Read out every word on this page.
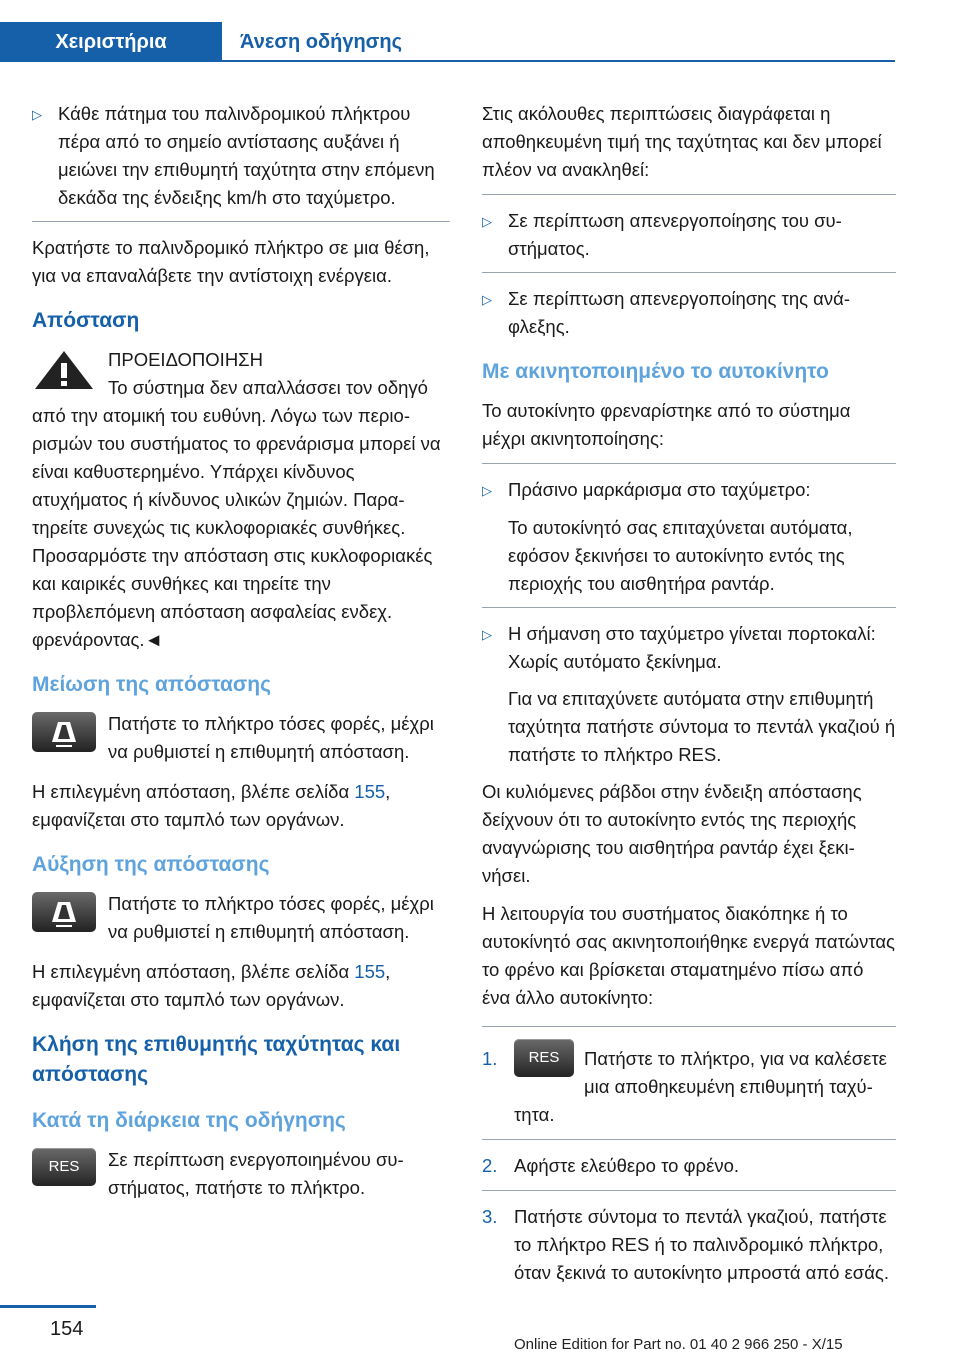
Χειριστήρια	Άνεση οδήγησης
▷ Κάθε πάτημα του παλινδρομικού πλήκτρου πέρα από το σημείο αντίστασης αυξάνει ή μειώνει την επιθυμητή ταχύτητα στην επόμενη δεκάδα της ένδειξης km/h στο ταχύμετρο.

Κρατήστε το παλινδρομικό πλήκτρο σε μια θέση, για να επαναλάβετε την αντίστοιχη ενέργεια.

Απόσταση
ΠΡΟΕΙΔΟΠΟΙΗΣΗ
Το σύστημα δεν απαλλάσσει τον οδηγό από την ατομική του ευθύνη. Λόγω των περιορισμών του συστήματος το φρενάρισμα μπορεί να είναι καθυστερημένο. Υπάρχει κίνδυνος ατυχήματος ή κίνδυνος υλικών ζημιών. Παρατηρείτε συνεχώς τις κυκλοφοριακές συνθήκες. Προσαρμόστε την απόσταση στις κυκλοφοριακές και καιρικές συνθήκες και τηρείτε την προβλεπόμενη απόσταση ασφαλείας ενδεχ. φρενάροντας.◄
Μείωση της απόστασης
Πατήστε το πλήκτρο τόσες φορές, μέχρι να ρυθμιστεί η επιθυμητή απόσταση.

Η επιλεγμένη απόσταση, βλέπε σελίδα 155, εμφανίζεται στο ταμπλό των οργάνων.

Αύξηση της απόστασης
Πατήστε το πλήκτρο τόσες φορές, μέχρι να ρυθμιστεί η επιθυμητή απόσταση.

Η επιλεγμένη απόσταση, βλέπε σελίδα 155, εμφανίζεται στο ταμπλό των οργάνων.

Κλήση της επιθυμητής ταχύτητας και απόστασης
Κατά τη διάρκεια της οδήγησης
RES	Σε περίπτωση ενεργοποιημένου συστήματος, πατήστε το πλήκτρο.

Στις ακόλουθες περιπτώσεις διαγράφεται η αποθηκευμένη τιμή της ταχύτητας και δεν μπορεί πλέον να ανακληθεί:

▷ Σε περίπτωση απενεργοποίησης του συστήματος.
▷ Σε περίπτωση απενεργοποίησης της ανάφλεξης.
Με ακινητοποιημένο το αυτοκίνητο

Το αυτοκίνητο φρεναρίστηκε από το σύστημα μέχρι ακινητοποίησης:

▷ Πράσινο μαρκάρισμα στο ταχύμετρο:
Το αυτοκίνητό σας επιταχύνεται αυτόματα, εφόσον ξεκινήσει το αυτοκίνητο εντός της περιοχής του αισθητήρα ραντάρ.
▷ Η σήμανση στο ταχύμετρο γίνεται πορτοκαλί: Χωρίς αυτόματο ξεκίνημα.
Για να επιταχύνετε αυτόματα στην επιθυμητή ταχύτητα πατήστε σύντομα το πεντάλ γκαζιού ή πατήστε το πλήκτρο RES.

Οι κυλιόμενες ράβδοι στην ένδειξη απόστασης δείχνουν ότι το αυτοκίνητο εντός της περιοχής αναγνώρισης του αισθητήρα ραντάρ έχει ξεκινήσει.

Η λειτουργία του συστήματος διακόπηκε ή το αυτοκίνητό σας ακινητοποιήθηκε ενεργά πατώντας το φρένο και βρίσκεται σταματημένο πίσω από ένα άλλο αυτοκίνητο:

1.	RES	Πατήστε το πλήκτρο, για να καλέσετε μια αποθηκευμένη επιθυμητή ταχύτητα.
2. Αφήστε ελεύθερο το φρένο.
3. Πατήστε σύντομα το πεντάλ γκαζιού, πατήστε το πλήκτρο RES ή το παλινδρομικό πλήκτρο, όταν ξεκινά το αυτοκίνητο μπροστά από εσάς.
154
Online Edition for Part no. 01 40 2 966 250 - X/15
